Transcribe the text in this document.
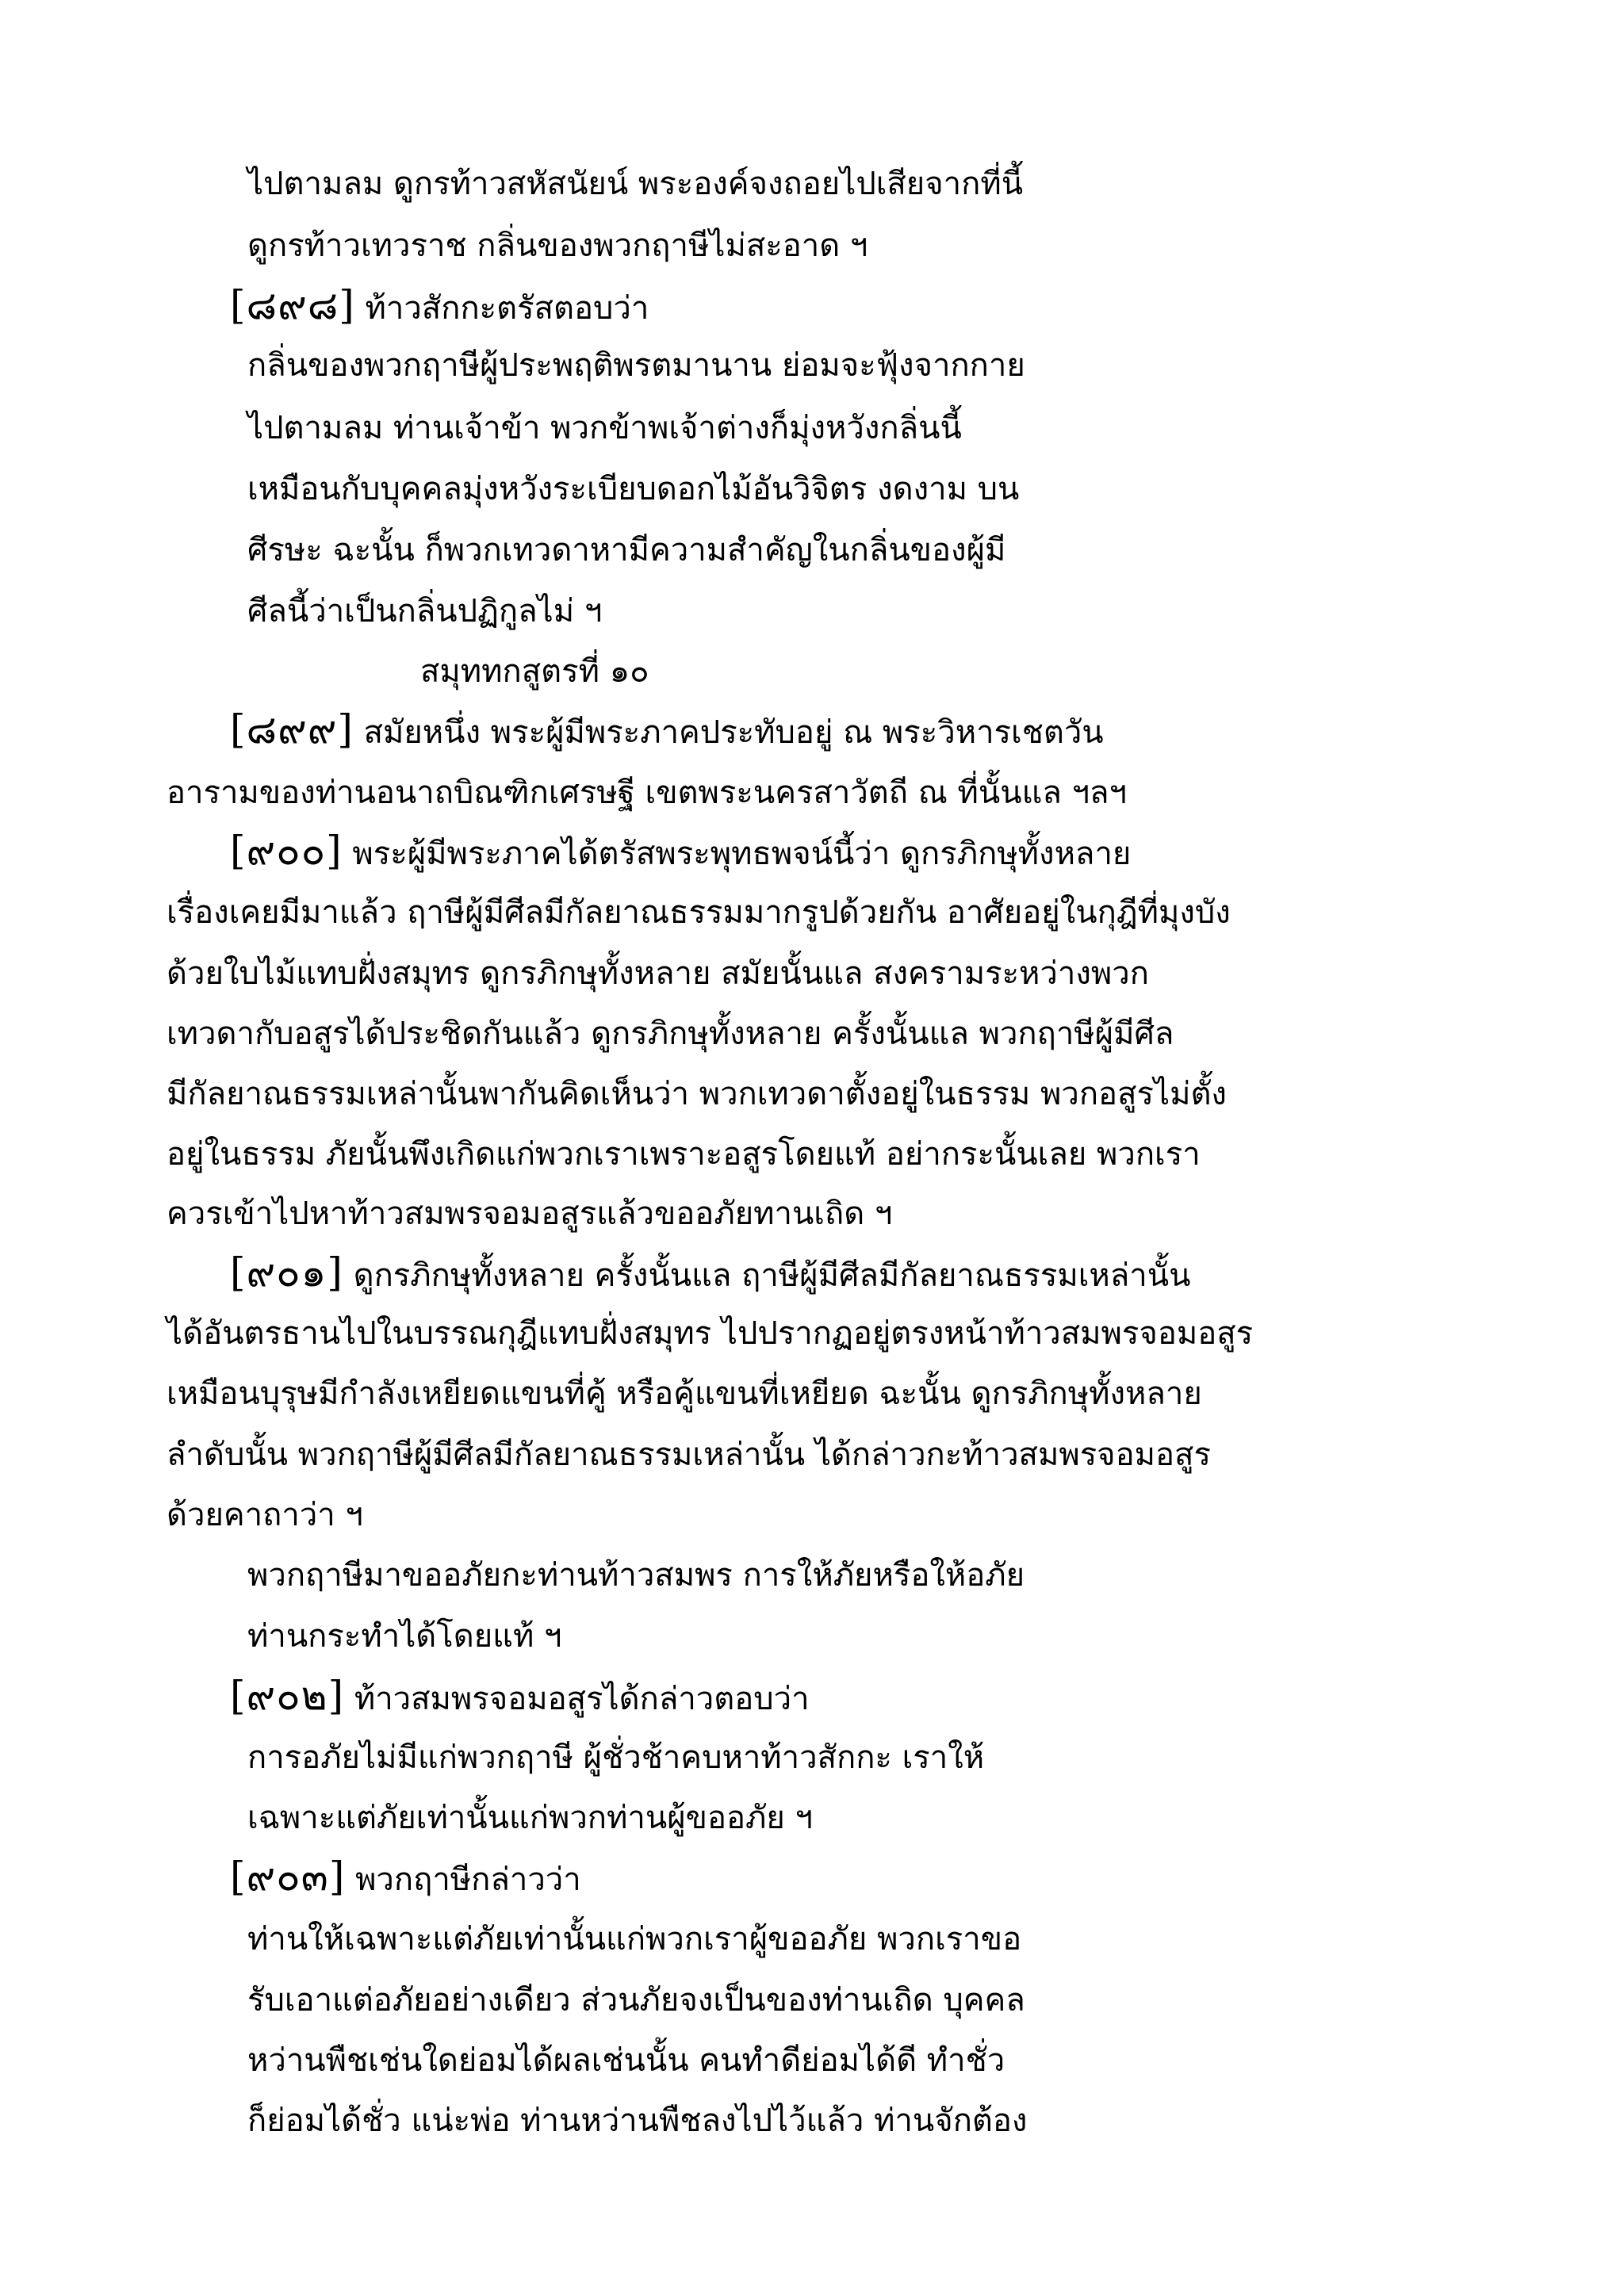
ไปตามลม ดูกรท้าวสหัสนัยน์ พระองค์จงถอยไปเสียจากที่นี้
ดูกรท้าวเทวราช กลิ่นของพวกฤาษีไม่สะอาด ฯ
[๘๙๘] ท้าวสักกะตรัสตอบว่า
กลิ่นของพวกฤาษีผู้ประพฤติพรตมานาน ย่อมจะฟุ้งจากกาย
ไปตามลม ท่านเจ้าข้า พวกข้าพเจ้าต่างก็มุ่งหวังกลิ่นนี้
เหมือนกับบุคคลมุ่งหวังระเบียบดอกไม้อันวิจิตร งดงาม บน
ศีรษะ ฉะนั้น ก็พวกเทวดาหามีความสำคัญในกลิ่นของผู้มี
ศีลนี้ว่าเป็นกลิ่นปฏิกูลไม่ ฯ
สมุททกสูตรที่ ๑๐
[๘๙๙] สมัยหนึ่ง พระผู้มีพระภาคประทับอยู่ ณ พระวิหารเชตวัน
อารามของท่านอนาถบิณฑิกเศรษฐี เขตพระนครสาวัตถี ณ ที่นั้นแล ฯลฯ
[๙๐๐] พระผู้มีพระภาคได้ตรัสพระพุทธพจน์นี้ว่า ดูกรภิกษุทั้งหลาย
เรื่องเคยมีมาแล้ว ฤาษีผู้มีศีลมีกัลยาณธรรมมากรูปด้วยกัน อาศัยอยู่ในกุฎีที่มุงบัง
ด้วยใบไม้แทบฝั่งสมุทร ดูกรภิกษุทั้งหลาย สมัยนั้นแล สงครามระหว่างพวก
เทวดากับอสูรได้ประชิดกันแล้ว ดูกรภิกษุทั้งหลาย ครั้งนั้นแล พวกฤาษีผู้มีศีล
มีกัลยาณธรรมเหล่านั้นพากันคิดเห็นว่า พวกเทวดาตั้งอยู่ในธรรม พวกอสูรไม่ตั้ง
อยู่ในธรรม ภัยนั้นพึงเกิดแก่พวกเราเพราะอสูรโดยแท้ อย่ากระนั้นเลย พวกเรา
ควรเข้าไปหาท้าวสมพรจอมอสูรแล้วขออภัยทานเถิด ฯ
[๙๐๑] ดูกรภิกษุทั้งหลาย ครั้งนั้นแล ฤาษีผู้มีศีลมีกัลยาณธรรมเหล่านั้น
ได้อันตรธานไปในบรรณกุฎีแทบฝั่งสมุทร ไปปรากฏอยู่ตรงหน้าท้าวสมพรจอมอสูร
เหมือนบุรุษมีกำลังเหยียดแขนที่คู้ หรือคู้แขนที่เหยียด ฉะนั้น ดูกรภิกษุทั้งหลาย
ลำดับนั้น พวกฤาษีผู้มีศีลมีกัลยาณธรรมเหล่านั้น ได้กล่าวกะท้าวสมพรจอมอสูร
ด้วยคาถาว่า ฯ
พวกฤาษีมาขออภัยกะท่านท้าวสมพร การให้ภัยหรือให้อภัย
ท่านกระทำได้โดยแท้ ฯ
[๙๐๒] ท้าวสมพรจอมอสูรได้กล่าวตอบว่า
การอภัยไม่มีแก่พวกฤาษี ผู้ชั่วช้าคบหาท้าวสักกะ เราให้
เฉพาะแต่ภัยเท่านั้นแก่พวกท่านผู้ขออภัย ฯ
[๙๐๓] พวกฤาษีกล่าวว่า
ท่านให้เฉพาะแต่ภัยเท่านั้นแก่พวกเราผู้ขออภัย พวกเราขอ
รับเอาแต่อภัยอย่างเดียว ส่วนภัยจงเป็นของท่านเถิด บุคคล
หว่านพืชเช่นใดย่อมได้ผลเช่นนั้น คนทำดีย่อมได้ดี ทำชั่ว
ก็ย่อมได้ชั่ว แน่ะพ่อ ท่านหว่านพืชลงไปไว้แล้ว ท่านจักต้อง
